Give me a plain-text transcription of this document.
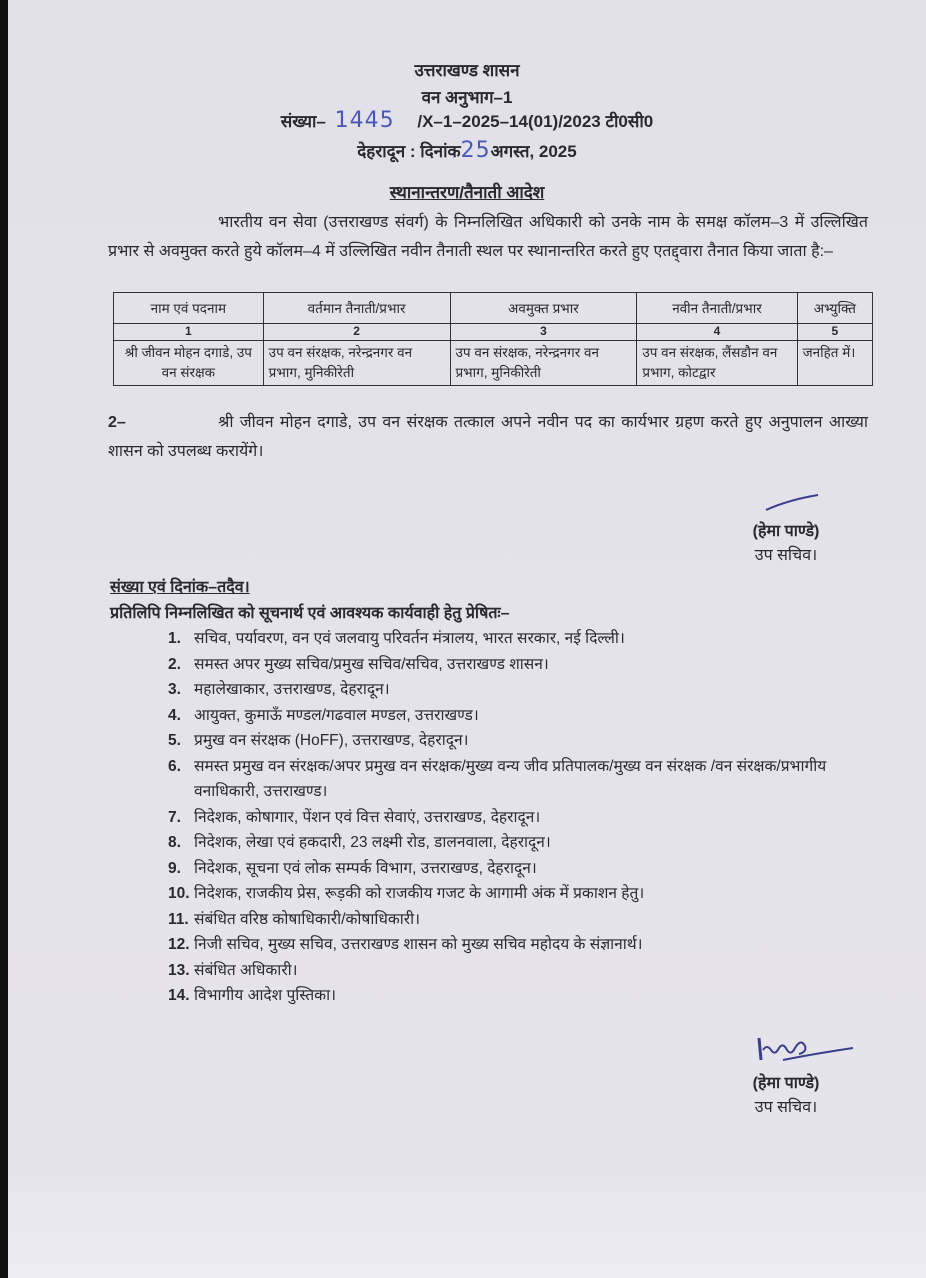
उत्तराखण्ड शासन
वन अनुभाग–1
संख्या– 1445 /X–1–2025–14(01)/2023 टी0सी0
देहरादून : दिनांक25अगस्त, 2025
स्थानान्तरण/तैनाती आदेश
भारतीय वन सेवा (उत्तराखण्ड संवर्ग) के निम्नलिखित अधिकारी को उनके नाम के समक्ष कॉलम–3 में उल्लिखित प्रभार से अवमुक्त करते हुये कॉलम–4 में उल्लिखित नवीन तैनाती स्थल पर स्थानान्तरित करते हुए एतद्द्वारा तैनात किया जाता है:–
नाम एवं पदनाम	वर्तमान तैनाती/प्रभार	अवमुक्त प्रभार	नवीन तैनाती/प्रभार	अभ्युक्ति
1	2	3	4	5
श्री जीवन मोहन दगाडे, उप वन संरक्षक	उप वन संरक्षक, नरेन्द्रनगर वन प्रभाग, मुनिकीरेती	उप वन संरक्षक, नरेन्द्रनगर वन प्रभाग, मुनिकीरेती	उप वन संरक्षक, लैंसडौन वन प्रभाग, कोटद्वार	जनहित में।
2–	श्री जीवन मोहन दगाडे, उप वन संरक्षक तत्काल अपने नवीन पद का कार्यभार ग्रहण करते हुए अनुपालन आख्या शासन को उपलब्ध करायेंगे।
(हेमा पाण्डे)
उप सचिव।
संख्या एवं दिनांक–तदैव।
प्रतिलिपि निम्नलिखित को सूचनार्थ एवं आवश्यक कार्यवाही हेतु प्रेषितः–
1. सचिव, पर्यावरण, वन एवं जलवायु परिवर्तन मंत्रालय, भारत सरकार, नई दिल्ली।
2. समस्त अपर मुख्य सचिव/प्रमुख सचिव/सचिव, उत्तराखण्ड शासन।
3. महालेखाकार, उत्तराखण्ड, देहरादून।
4. आयुक्त, कुमाऊँ मण्डल/गढवाल मण्डल, उत्तराखण्ड।
5. प्रमुख वन संरक्षक (HoFF), उत्तराखण्ड, देहरादून।
6. समस्त प्रमुख वन संरक्षक/अपर प्रमुख वन संरक्षक/मुख्य वन्य जीव प्रतिपालक/मुख्य वन संरक्षक /वन संरक्षक/प्रभागीय वनाधिकारी, उत्तराखण्ड।
7. निदेशक, कोषागार, पेंशन एवं वित्त सेवाएं, उत्तराखण्ड, देहरादून।
8. निदेशक, लेखा एवं हकदारी, 23 लक्ष्मी रोड, डालनवाला, देहरादून।
9. निदेशक, सूचना एवं लोक सम्पर्क विभाग, उत्तराखण्ड, देहरादून।
10. निदेशक, राजकीय प्रेस, रूड़की को राजकीय गजट के आगामी अंक में प्रकाशन हेतु।
11. संबंधित वरिष्ठ कोषाधिकारी/कोषाधिकारी।
12. निजी सचिव, मुख्य सचिव, उत्तराखण्ड शासन को मुख्य सचिव महोदय के संज्ञानार्थ।
13. संबंधित अधिकारी।
14. विभागीय आदेश पुस्तिका।
(हेमा पाण्डे)
उप सचिव।
